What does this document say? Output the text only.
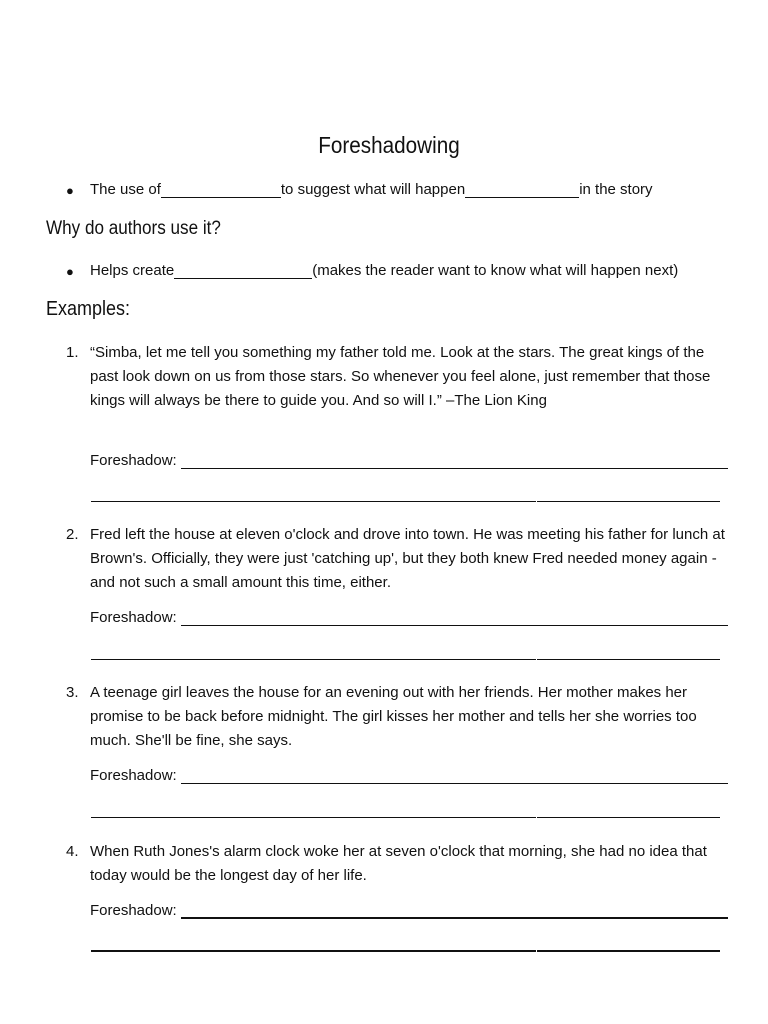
Foreshadowing
●	The use of	to suggest what will happen	in the story
Why do authors use it?
●	Helps create	(makes the reader want to know what will happen next)
Examples:
1. “Simba, let me tell you something my father told me. Look at the stars. The great kings of the past look down on us from those stars. So whenever you feel alone, just remember that those kings will always be there to guide you. And so will I.” –The Lion King
Foreshadow:
2. Fred left the house at eleven o'clock and drove into town. He was meeting his father for lunch at Brown's. Officially, they were just 'catching up', but they both knew Fred needed money again - and not such a small amount this time, either.
Foreshadow:
3. A teenage girl leaves the house for an evening out with her friends. Her mother makes her promise to be back before midnight. The girl kisses her mother and tells her she worries too much. She'll be fine, she says.
Foreshadow:
4. When Ruth Jones's alarm clock woke her at seven o'clock that morning, she had no idea that today would be the longest day of her life.
Foreshadow:
